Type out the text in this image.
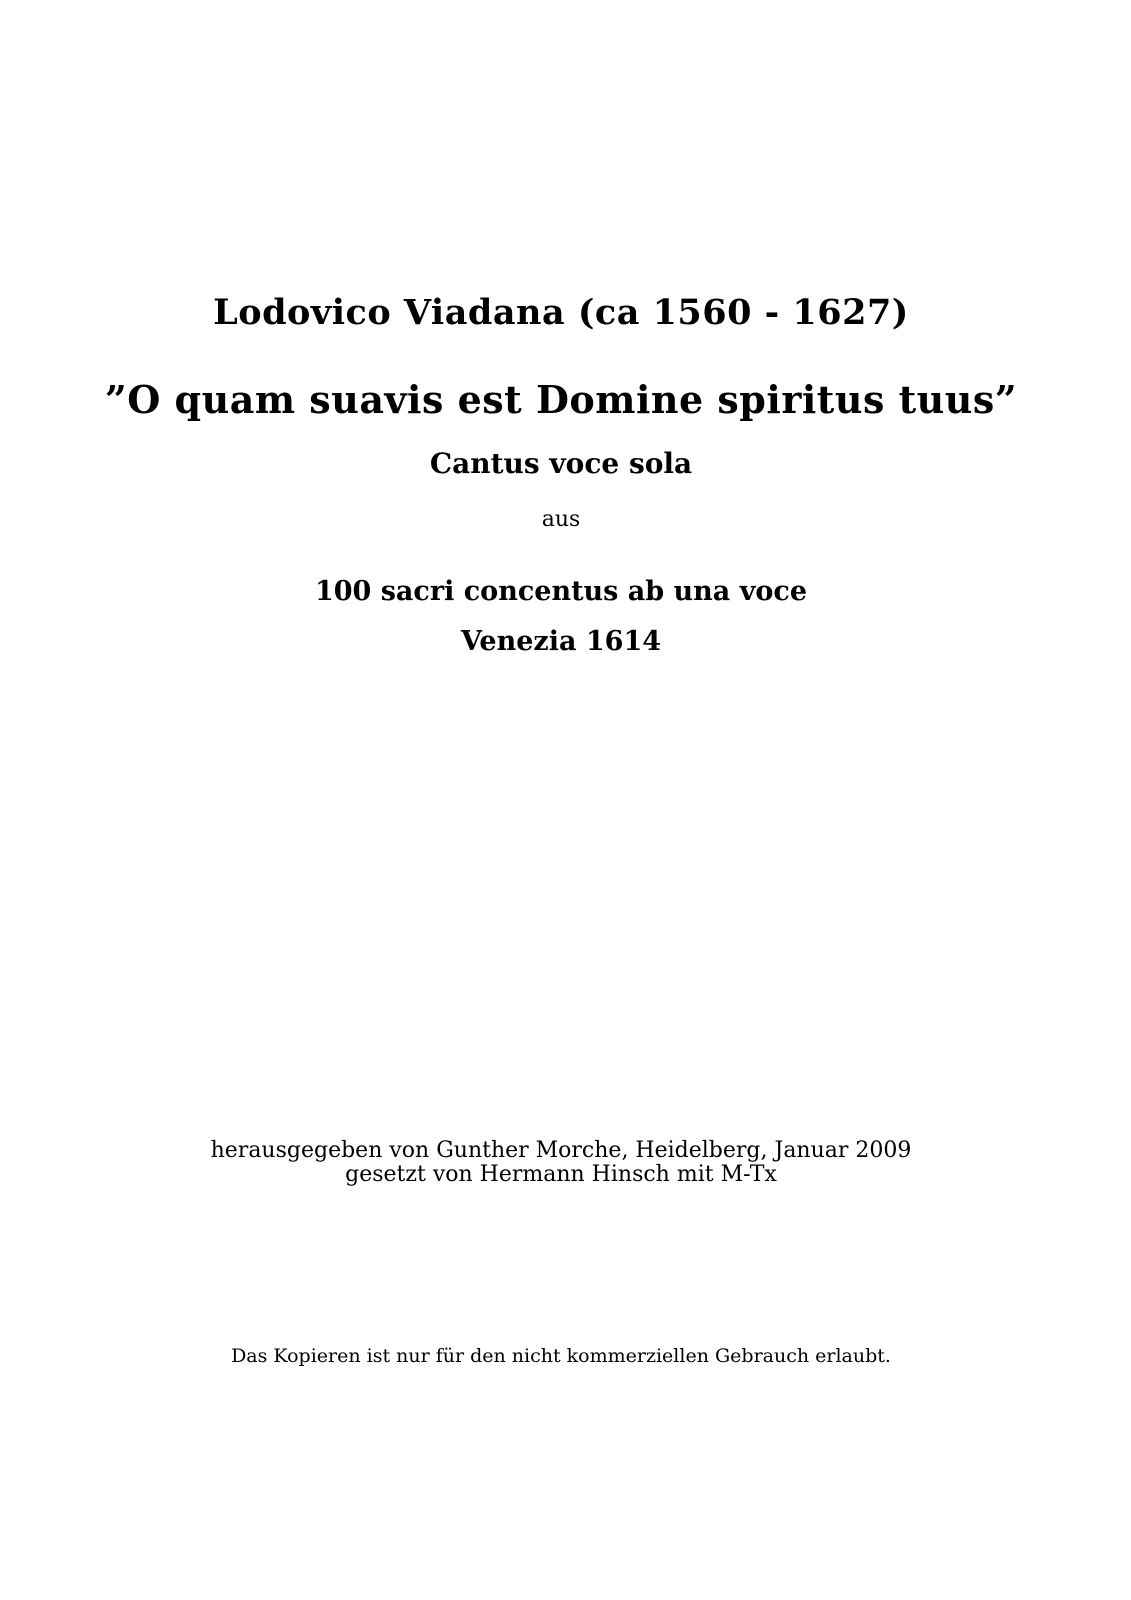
Lodovico Viadana (ca 1560 - 1627)
”O quam suavis est Domine spiritus tuus”
Cantus voce sola
aus
100 sacri concentus ab una voce
Venezia 1614
herausgegeben von Gunther Morche, Heidelberg, Januar 2009
gesetzt von Hermann Hinsch mit M-Tx
Das Kopieren ist nur für den nicht kommerziellen Gebrauch erlaubt.
